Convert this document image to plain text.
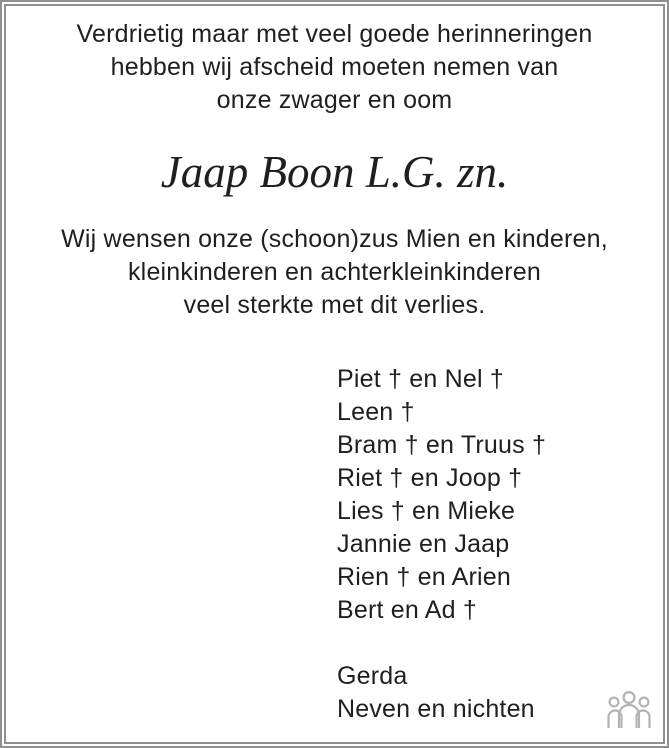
Verdrietig maar met veel goede herinneringen
hebben wij afscheid moeten nemen van
onze zwager en oom
Jaap Boon L.G. zn.
Wij wensen onze (schoon)zus Mien en kinderen,
kleinkinderen en achterkleinkinderen
veel sterkte met dit verlies.
Piet † en Nel †
Leen †
Bram † en Truus †
Riet † en Joop †
Lies † en Mieke
Jannie en Jaap
Rien † en Arien
Bert en Ad †
Gerda
Neven en nichten
